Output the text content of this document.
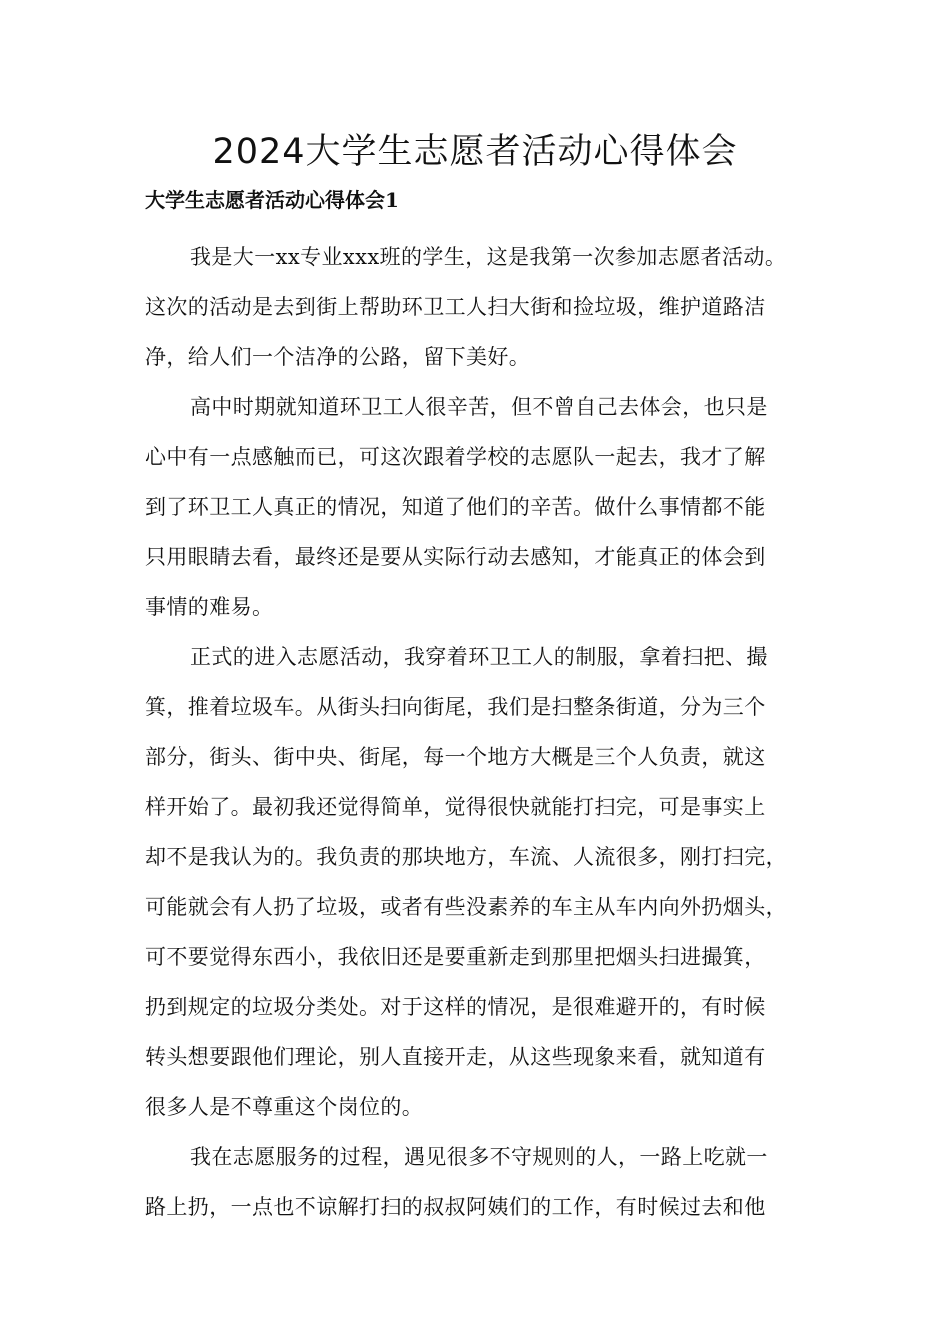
2024大学生志愿者活动心得体会
大学生志愿者活动心得体会1
我是大一xx专业xxx班的学生，这是我第一次参加志愿者活动。
这次的活动是去到街上帮助环卫工人扫大街和捡垃圾，维护道路洁
净，给人们一个洁净的公路，留下美好。
高中时期就知道环卫工人很辛苦，但不曾自己去体会，也只是
心中有一点感触而已，可这次跟着学校的志愿队一起去，我才了解
到了环卫工人真正的情况，知道了他们的辛苦。做什么事情都不能
只用眼睛去看，最终还是要从实际行动去感知，才能真正的体会到
事情的难易。
正式的进入志愿活动，我穿着环卫工人的制服，拿着扫把、撮
箕，推着垃圾车。从街头扫向街尾，我们是扫整条街道，分为三个
部分，街头、街中央、街尾，每一个地方大概是三个人负责，就这
样开始了。最初我还觉得简单，觉得很快就能打扫完，可是事实上
却不是我认为的。我负责的那块地方，车流、人流很多，刚打扫完，
可能就会有人扔了垃圾，或者有些没素养的车主从车内向外扔烟头，
可不要觉得东西小，我依旧还是要重新走到那里把烟头扫进撮箕，
扔到规定的垃圾分类处。对于这样的情况，是很难避开的，有时候
转头想要跟他们理论，别人直接开走，从这些现象来看，就知道有
很多人是不尊重这个岗位的。
我在志愿服务的过程，遇见很多不守规则的人，一路上吃就一
路上扔，一点也不谅解打扫的叔叔阿姨们的工作，有时候过去和他
